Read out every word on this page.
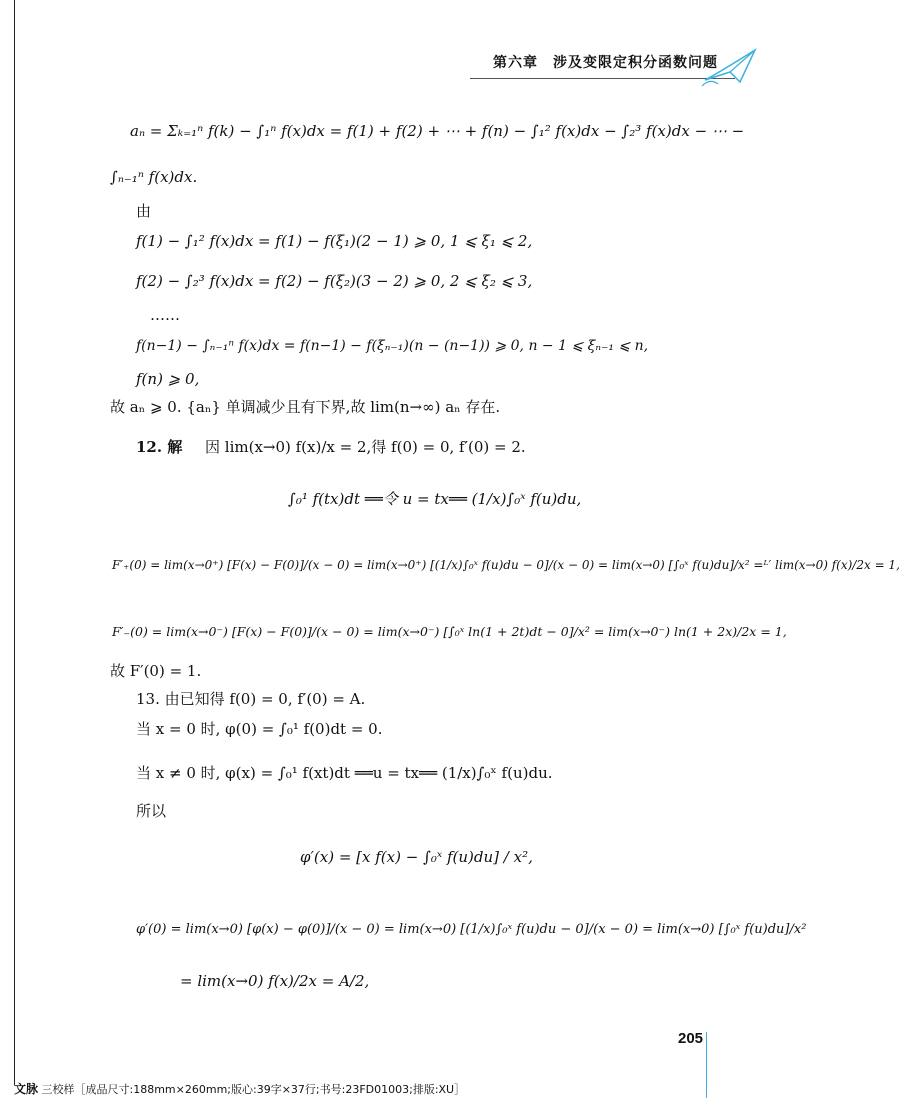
第六章　涉及变限定积分函数问题
aₙ = Σₖ₌₁ⁿ f(k) − ∫₁ⁿ f(x)dx = f(1) + f(2) + ⋯ + f(n) − ∫₁² f(x)dx − ∫₂³ f(x)dx − ⋯ −
∫ₙ₋₁ⁿ f(x)dx.
由
f(1) − ∫₁² f(x)dx = f(1) − f(ξ₁)(2 − 1) ⩾ 0, 1 ⩽ ξ₁ ⩽ 2,
f(2) − ∫₂³ f(x)dx = f(2) − f(ξ₂)(3 − 2) ⩾ 0, 2 ⩽ ξ₂ ⩽ 3,
……
f(n−1) − ∫ₙ₋₁ⁿ f(x)dx = f(n−1) − f(ξₙ₋₁)(n − (n−1)) ⩾ 0, n − 1 ⩽ ξₙ₋₁ ⩽ n,
f(n) ⩾ 0,
故 aₙ ⩾ 0. {aₙ} 单调减少且有下界,故 lim(n→∞) aₙ 存在.
12. 解 因 lim(x→0) f(x)/x = 2,得 f(0) = 0, f′(0) = 2.
∫₀¹ f(tx)dt ══令 u = tx══ (1/x)∫₀ˣ f(u)du,
F′₊(0) = lim(x→0⁺) [F(x) − F(0)]/(x − 0) = lim(x→0⁺) [(1/x)∫₀ˣ f(u)du − 0]/(x − 0) = lim(x→0) [∫₀ˣ f(u)du]/x² =ᴸ′ lim(x→0) f(x)/2x = 1,
F′₋(0) = lim(x→0⁻) [F(x) − F(0)]/(x − 0) = lim(x→0⁻) [∫₀ˣ ln(1 + 2t)dt − 0]/x² = lim(x→0⁻) ln(1 + 2x)/2x = 1,
故 F′(0) = 1.
13. 由已知得 f(0) = 0, f′(0) = A.
当 x = 0 时, φ(0) = ∫₀¹ f(0)dt = 0.
当 x ≠ 0 时, φ(x) = ∫₀¹ f(xt)dt ══u = tx══ (1/x)∫₀ˣ f(u)du.
所以
φ′(x) = [x f(x) − ∫₀ˣ f(u)du] / x²,
φ′(0) = lim(x→0) [φ(x) − φ(0)]/(x − 0) = lim(x→0) [(1/x)∫₀ˣ f(u)du − 0]/(x − 0) = lim(x→0) [∫₀ˣ f(u)du]/x²
= lim(x→0) f(x)/2x = A/2,
205
文脉 三校样［成品尺寸:188mm×260mm;版心:39字×37行;书号:23FD01003;排版:XU］
